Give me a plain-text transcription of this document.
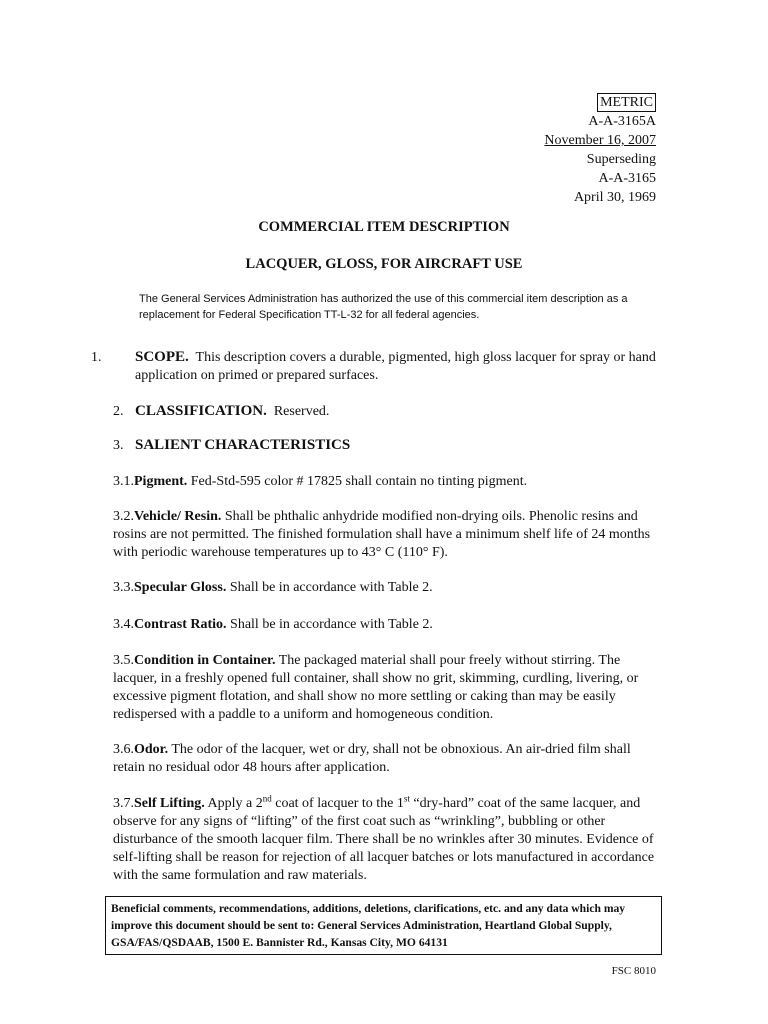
METRIC
A-A-3165A
November 16, 2007
Superseding
A-A-3165
April 30, 1969
COMMERCIAL ITEM DESCRIPTION
LACQUER, GLOSS, FOR AIRCRAFT USE
The General Services Administration has authorized the use of this commercial item description as a replacement for Federal Specification TT-L-32 for all federal agencies.
1. SCOPE. This description covers a durable, pigmented, high gloss lacquer for spray or hand application on primed or prepared surfaces.
2. CLASSIFICATION. Reserved.
3. SALIENT CHARACTERISTICS
3.1.Pigment. Fed-Std-595 color # 17825 shall contain no tinting pigment.
3.2.Vehicle/ Resin. Shall be phthalic anhydride modified non-drying oils. Phenolic resins and rosins are not permitted. The finished formulation shall have a minimum shelf life of 24 months with periodic warehouse temperatures up to 43° C (110° F).
3.3.Specular Gloss. Shall be in accordance with Table 2.
3.4.Contrast Ratio. Shall be in accordance with Table 2.
3.5.Condition in Container. The packaged material shall pour freely without stirring. The lacquer, in a freshly opened full container, shall show no grit, skimming, curdling, livering, or excessive pigment flotation, and shall show no more settling or caking than may be easily redispersed with a paddle to a uniform and homogeneous condition.
3.6.Odor. The odor of the lacquer, wet or dry, shall not be obnoxious. An air-dried film shall retain no residual odor 48 hours after application.
3.7.Self Lifting. Apply a 2nd coat of lacquer to the 1st “dry-hard” coat of the same lacquer, and observe for any signs of “lifting” of the first coat such as “wrinkling”, bubbling or other disturbance of the smooth lacquer film. There shall be no wrinkles after 30 minutes. Evidence of self-lifting shall be reason for rejection of all lacquer batches or lots manufactured in accordance with the same formulation and raw materials.
Beneficial comments, recommendations, additions, deletions, clarifications, etc. and any data which may improve this document should be sent to: General Services Administration, Heartland Global Supply, GSA/FAS/QSDAAB, 1500 E. Bannister Rd., Kansas City, MO 64131
FSC 8010
